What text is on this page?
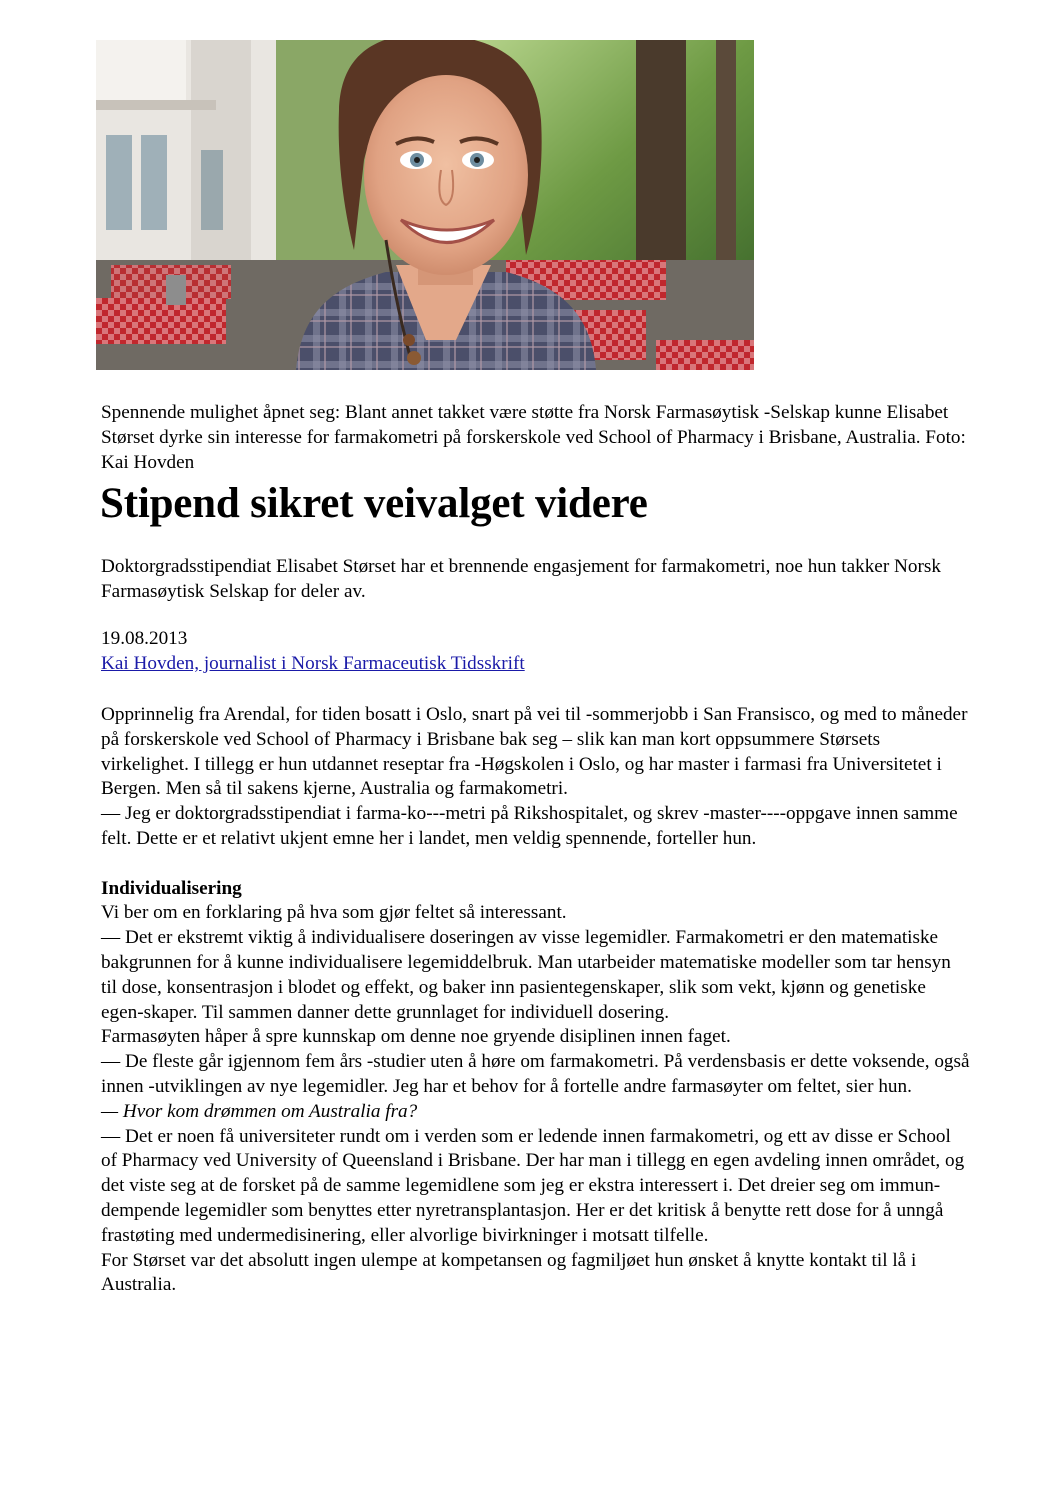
Spennende mulighet åpnet seg: Blant annet takket være støtte fra Norsk Farmasøytisk -Selskap kunne Elisabet Størset dyrke sin interesse for farmakometri på forskerskole ved School of Pharmacy i Brisbane, Australia. Foto: Kai Hovden
Stipend sikret veivalget videre
Doktorgradsstipendiat Elisabet Størset har et brennende engasjement for farmakometri, noe hun takker Norsk Farmasøytisk Selskap for deler av.
19.08.2013
Kai Hovden, journalist i Norsk Farmaceutisk Tidsskrift

Opprinnelig fra Arendal, for tiden bosatt i Oslo, snart på vei til -sommerjobb i San Fransisco, og med to måneder på forskerskole ved School of Pharmacy i Brisbane bak seg – slik kan man kort oppsummere Størsets virkelighet. I tillegg er hun utdannet reseptar fra -Høgskolen i Oslo, og har master i farmasi fra Universitetet i Bergen. Men så til sakens kjerne, Australia og farmakometri.

— Jeg er doktorgradsstipendiat i farma-ko---metri på Rikshospitalet, og skrev -master----oppgave innen samme felt. Dette er et relativt ukjent emne her i landet, men veldig spennende, forteller hun.

Individualisering

Vi ber om en forklaring på hva som gjør feltet så interessant.

— Det er ekstremt viktig å individualisere doseringen av visse legemidler. Farmakometri er den matematiske bakgrunnen for å kunne individualisere legemiddelbruk. Man utarbeider matematiske modeller som tar hensyn til dose, konsentrasjon i blodet og effekt, og baker inn pasientegenskaper, slik som vekt, kjønn og genetiske egen-skaper. Til sammen danner dette grunnlaget for individuell dosering.

Farmasøyten håper å spre kunnskap om denne noe gryende disiplinen innen faget.

— De fleste går igjennom fem års -studier uten å høre om farmakometri. På verdensbasis er dette voksende, også innen -utviklingen av nye legemidler. Jeg har et behov for å fortelle andre farmasøyter om feltet, sier hun.

— Hvor kom drømmen om Australia fra?

— Det er noen få universiteter rundt om i verden som er ledende innen farmakometri, og ett av disse er School of Pharmacy ved University of Queensland i Brisbane. Der har man i tillegg en egen avdeling innen området, og det viste seg at de forsket på de samme legemidlene som jeg er ekstra interessert i. Det dreier seg om immun-dempende legemidler som benyttes etter nyretransplantasjon. Her er det kritisk å benytte rett dose for å unngå frastøting med undermedisinering, eller alvorlige bivirkninger i motsatt tilfelle.

For Størset var det absolutt ingen ulempe at kompetansen og fagmiljøet hun ønsket å knytte kontakt til lå i Australia.
